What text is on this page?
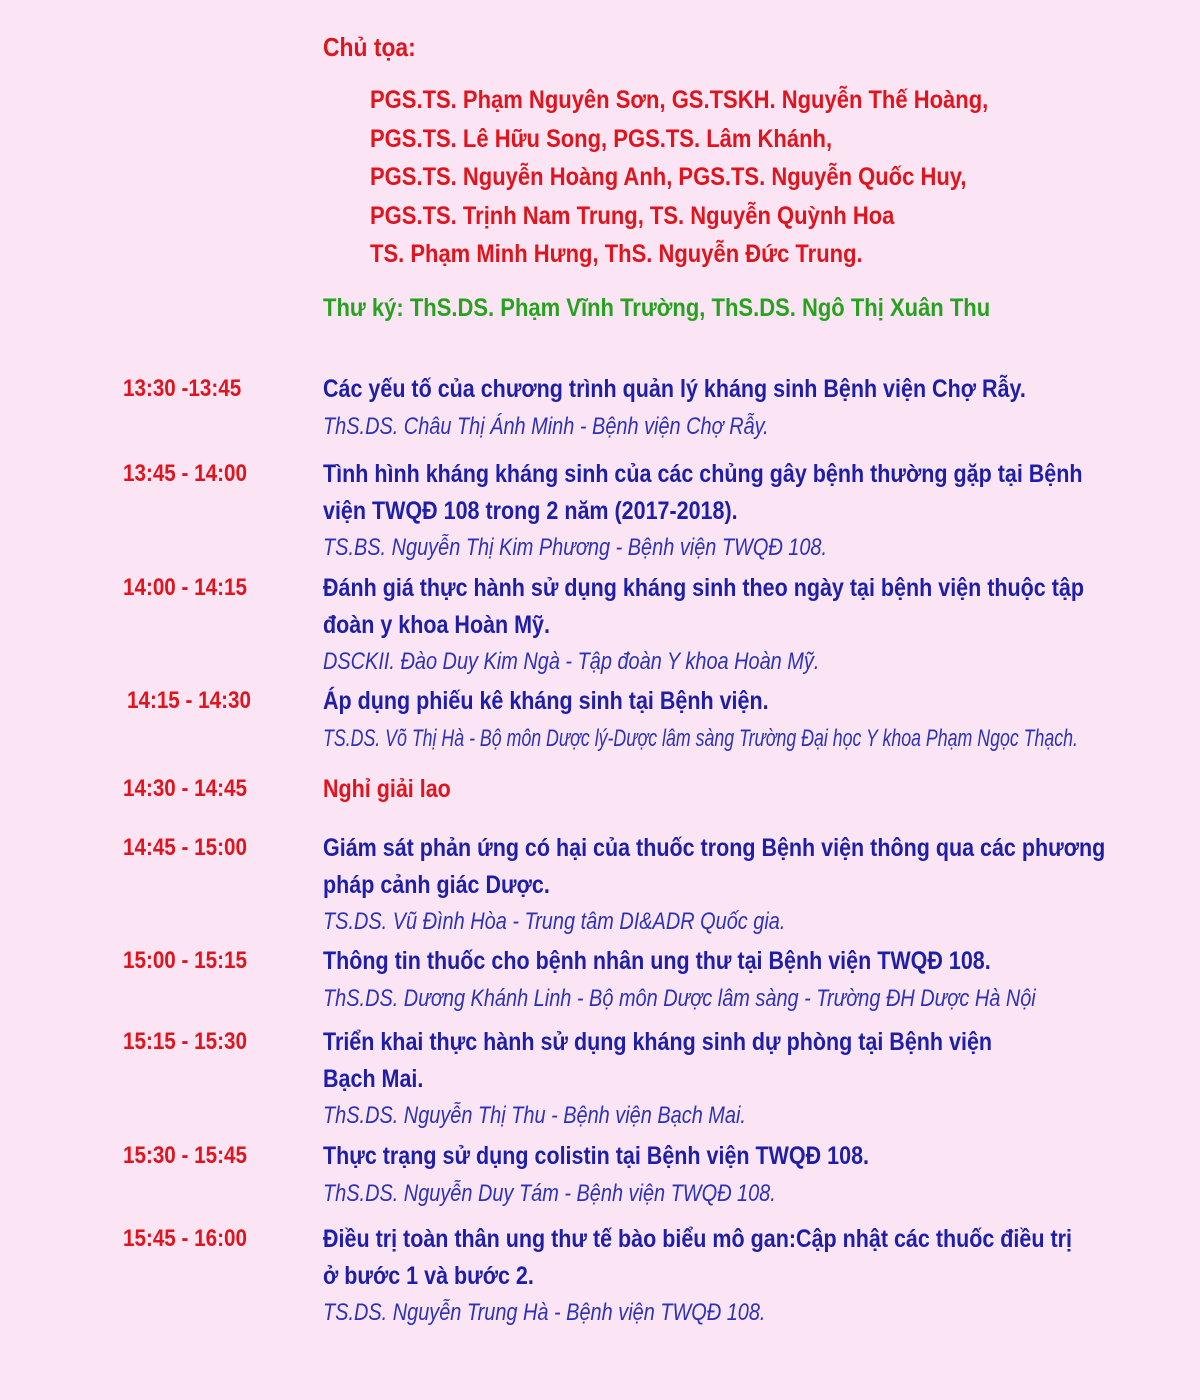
Chủ tọa:
PGS.TS. Phạm Nguyên Sơn, GS.TSKH. Nguyễn Thế Hoàng,
PGS.TS. Lê Hữu Song, PGS.TS. Lâm Khánh,
PGS.TS. Nguyễn Hoàng Anh, PGS.TS. Nguyễn Quốc Huy,
PGS.TS. Trịnh Nam Trung, TS. Nguyễn Quỳnh Hoa
TS. Phạm Minh Hưng, ThS. Nguyễn Đức Trung.

Thư ký: ThS.DS. Phạm Vĩnh Trường, ThS.DS. Ngô Thị Xuân Thu

13:30 -13:45	Các yếu tố của chương trình quản lý kháng sinh Bệnh viện Chợ Rẫy.
ThS.DS. Châu Thị Ánh Minh - Bệnh viện Chợ Rẫy.
13:45 - 14:00	Tình hình kháng kháng sinh của các chủng gây bệnh thường gặp tại Bệnh
viện TWQĐ 108 trong 2 năm (2017-2018).
TS.BS. Nguyễn Thị Kim Phương - Bệnh viện TWQĐ 108.
14:00 - 14:15	Đánh giá thực hành sử dụng kháng sinh theo ngày tại bệnh viện thuộc tập
đoàn y khoa Hoàn Mỹ.
DSCKII. Đào Duy Kim Ngà - Tập đoàn Y khoa Hoàn Mỹ.
14:15 - 14:30	Áp dụng phiếu kê kháng sinh tại Bệnh viện.
TS.DS. Võ Thị Hà - Bộ môn Dược lý-Dược lâm sàng Trường Đại học Y khoa Phạm Ngọc Thạch.
14:30 - 14:45	Nghỉ giải lao
14:45 - 15:00	Giám sát phản ứng có hại của thuốc trong Bệnh viện thông qua các phương
pháp cảnh giác Dược.
TS.DS. Vũ Đình Hòa - Trung tâm DI&ADR Quốc gia.
15:00 - 15:15	Thông tin thuốc cho bệnh nhân ung thư tại Bệnh viện TWQĐ 108.
ThS.DS. Dương Khánh Linh - Bộ môn Dược lâm sàng - Trường ĐH Dược Hà Nội
15:15 - 15:30	Triển khai thực hành sử dụng kháng sinh dự phòng tại Bệnh viện
Bạch Mai.
ThS.DS. Nguyễn Thị Thu - Bệnh viện Bạch Mai.
15:30 - 15:45	Thực trạng sử dụng colistin tại Bệnh viện TWQĐ 108.
ThS.DS. Nguyễn Duy Tám - Bệnh viện TWQĐ 108.
15:45 - 16:00	Điều trị toàn thân ung thư tế bào biểu mô gan:Cập nhật các thuốc điều trị
ở bước 1 và bước 2.
TS.DS. Nguyễn Trung Hà - Bệnh viện TWQĐ 108.
